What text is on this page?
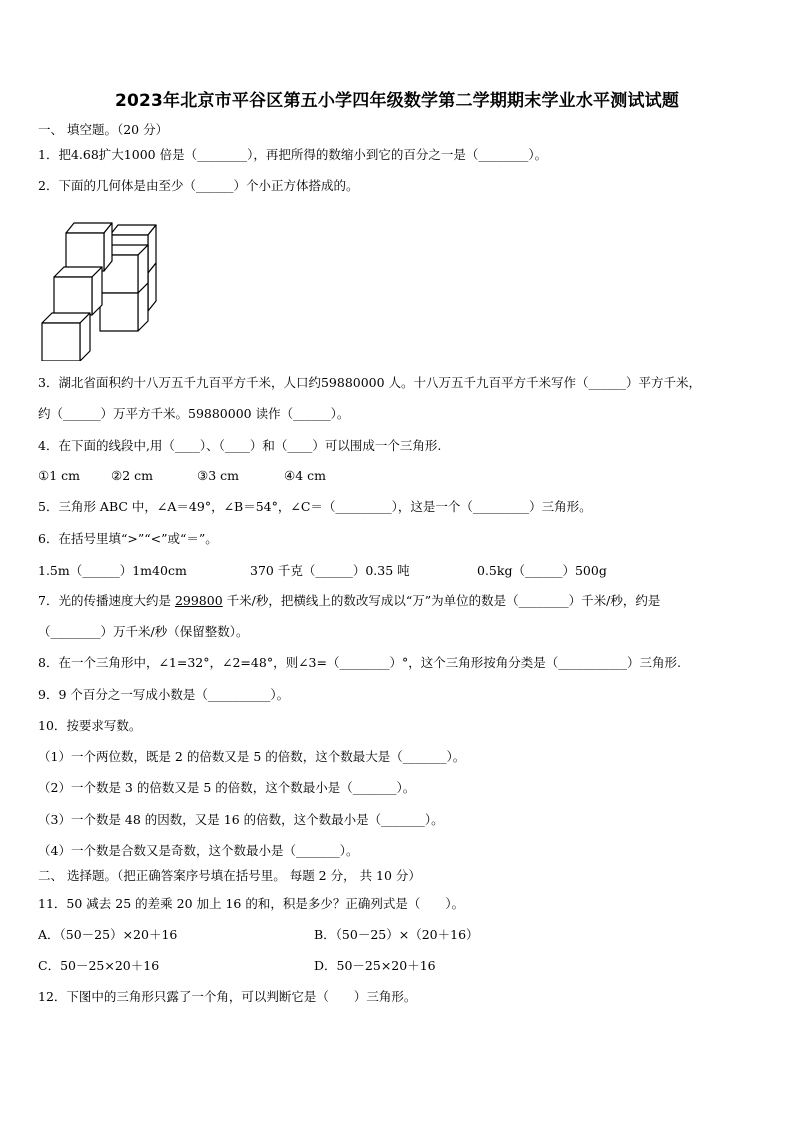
2023年北京市平谷区第五小学四年级数学第二学期期末学业水平测试试题
一、 填空题。（20 分）
1．把4.68扩大1000 倍是（________），再把所得的数缩小到它的百分之一是（________）。
2．下面的几何体是由至少（______）个小正方体搭成的。
3．湖北省面积约十八万五千九百平方千米，人口约59880000 人。十八万五千九百平方千米写作（______）平方千米，
约（______）万平方千米。59880000 读作（______）。
4．在下面的线段中,用（____）、（____）和（____）可以围成一个三角形.
①1 cm ②2 cm	③3 cm	④4 cm
5．三角形 ABC 中，∠A＝49°，∠B＝54°，∠C＝（_________），这是一个（_________）三角形。
6．在括号里填“>”“<”或“＝”。
1.5m（______）1m40cm	370 千克（______）0.35 吨	0.5kg（______）500g
7．光的传播速度大约是 299800 千米/秒，把横线上的数改写成以“万”为单位的数是（________）千米/秒，约是
（________）万千米/秒（保留整数）。
8．在一个三角形中，∠1=32°，∠2=48°，则∠3=（________）°，这个三角形按角分类是（___________）三角形.
9．9 个百分之一写成小数是（__________）。
10．按要求写数。
（1）一个两位数，既是 2 的倍数又是 5 的倍数，这个数最大是（_______）。
（2）一个数是 3 的倍数又是 5 的倍数，这个数最小是（_______）。
（3）一个数是 48 的因数，又是 16 的倍数，这个数最小是（_______）。
（4）一个数是合数又是奇数，这个数最小是（_______）。
二、 选择题。（把正确答案序号填在括号里。 每题 2 分， 共 10 分）
11．50 减去 25 的差乘 20 加上 16 的和，积是多少？正确列式是（　　）。
A．（50－25）×20＋16	B．（50－25）×（20＋16）
C．50－25×20＋16	D．50－25×20＋16
12．下图中的三角形只露了一个角，可以判断它是（　　）三角形。
